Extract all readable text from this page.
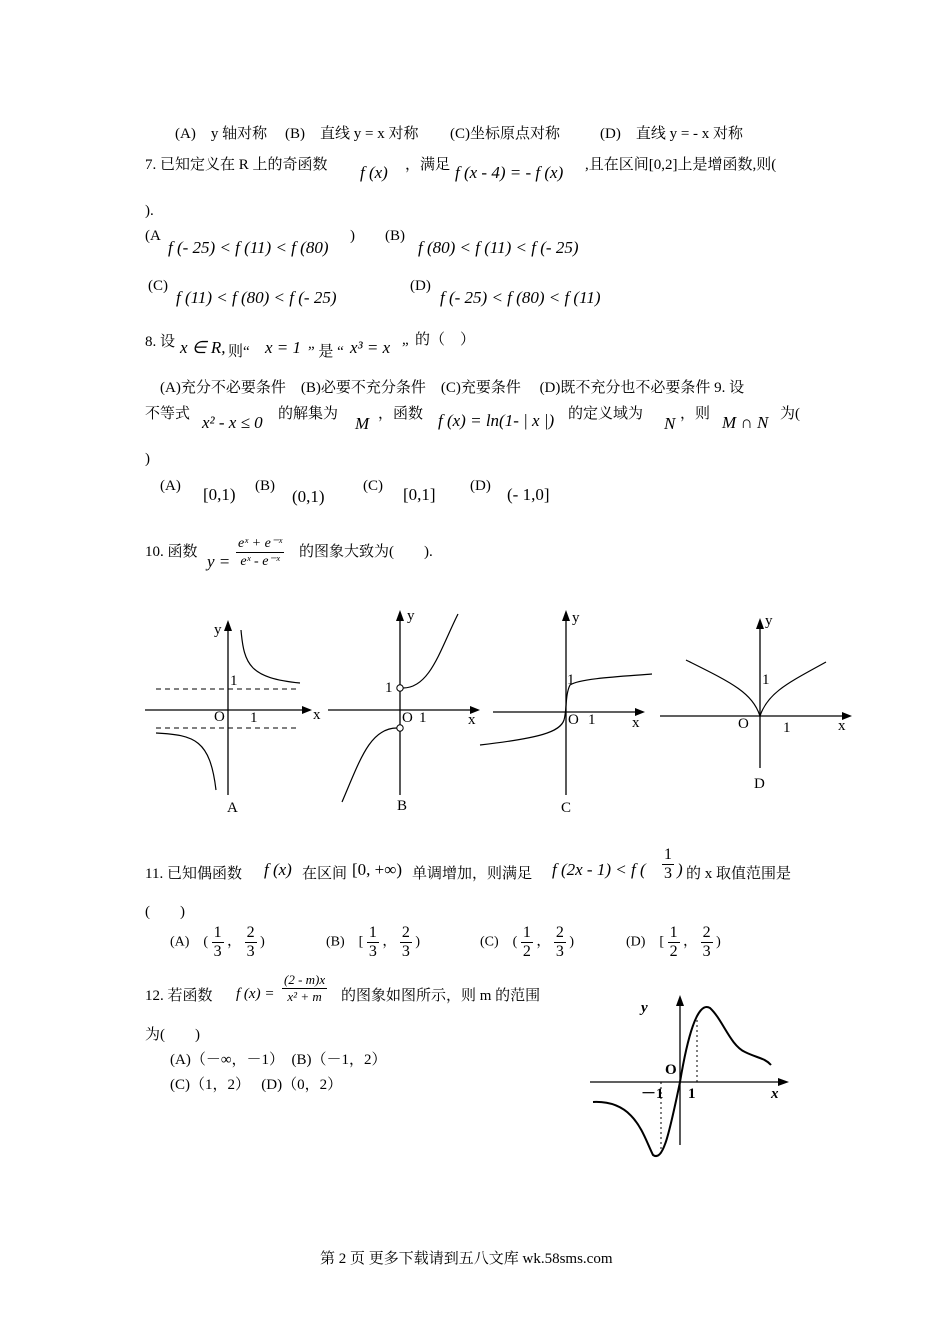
(A)　y 轴对称 (B)　直线 y = x 对称 (C)坐标原点对称	(D)　直线 y = - x 对称
7. 已知定义在 R 上的奇函数 f (x) ，满足 f (x - 4) = - f (x) ,且在区间[0,2]上是增函数,则(
).
(A
f (- 25) < f (11) < f (80)
) (B)
f (80) < f (11) < f (- 25)
(C)
f (11) < f (80) < f (- 25)
(D)
f (- 25) < f (80) < f (11)
8. 设 x ∈ R, 则“ x = 1 ” 是 “ x³ = x ” 的（　）
(A)充分不必要条件　(B)必要不充分条件　(C)充要条件　 (D)既不充分也不必要条件 9. 设
不等式 x² - x ≤ 0 的解集为 M ，函数 f (x) = ln(1- | x |) 的定义域为 N ，则 M ∩ N 为(
)
(A) [0,1) (B)
(0,1)
(C) [0,1] (D) (- 1,0]
10. 函数 $y = \frac{\text{eˣ + e⁻ˣ}}{\text{eˣ - e⁻ˣ}}$ 的图象大致为(　　).
y
1
O 1	x
A
y
1
O 1	x
B
y
1
O 1 x
C
y
1
O 1	x
D
11. 已知偶函数 f (x) 在区间 [0, +∞) 单调增加，则满足 f (2x - 1) < f ( $\frac{1}{3}$ ) 的 x 取值范围是
(　　)
(A)　( $\frac{1}{3}$ ， $\frac{2}{3}$ )	(B)　[ $\frac{1}{3}$ ， $\frac{2}{3}$ )	(C)　( $\frac{1}{2}$ ， $\frac{2}{3}$ )	(D)　[ $\frac{1}{2}$ ， $\frac{2}{3}$ )
12. 若函数 f $(x) = \frac{(2 - m)x}{\text{x² + m}}$ 的图象如图所示，则 m 的范围
为(　　)
(A)（－∞，－1）　(B)（－1，2）
(C)（1，2）　 (D)（0，2）
y
O
－1 1	x
第 2 页 更多下载请到五八文库 wk.58sms.com
